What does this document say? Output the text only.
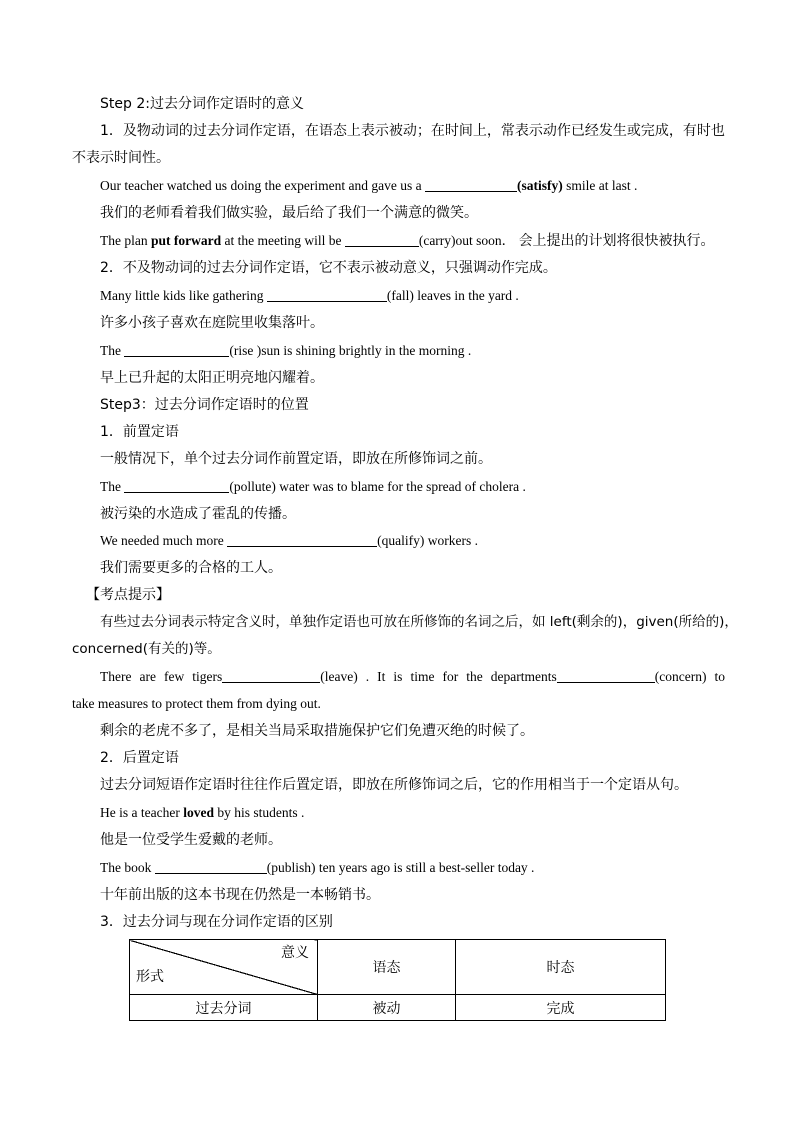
Step 2:过去分词作定语时的意义

1．及物动词的过去分词作定语，在语态上表示被动；在时间上，常表示动作已经发生或完成，有时也

不表示时间性。

Our teacher watched us doing the experiment and gave us a	(satisfy) smile at last .

我们的老师看着我们做实验，最后给了我们一个满意的微笑。

The plan put forward at the meeting will be	(carry)out soon． 会上提出的计划将很快被执行。

2．不及物动词的过去分词作定语，它不表示被动意义，只强调动作完成。

Many little kids like gathering	(fall) leaves in the yard .

许多小孩子喜欢在庭院里收集落叶。

The	(rise )sun is shining brightly in the morning .

早上已升起的太阳正明亮地闪耀着。

Step3：过去分词作定语时的位置

1．前置定语

一般情况下，单个过去分词作前置定语，即放在所修饰词之前。

The	(pollute) water was to blame for the spread of cholera .

被污染的水造成了霍乱的传播。

We needed much more	(qualify) workers .

我们需要更多的合格的工人。

【考点提示】

有些过去分词表示特定含义时，单独作定语也可放在所修饰的名词之后，如 left(剩余的)，given(所给的)，

concerned(有关的)等。

There are few tigers	(leave) . It is time for the departments	(concern) to

take measures to protect them from dying out.

剩余的老虎不多了，是相关当局采取措施保护它们免遭灭绝的时候了。

2．后置定语

过去分词短语作定语时往往作后置定语，即放在所修饰词之后，它的作用相当于一个定语从句。

He is a teacher loved by his students .

他是一位受学生爱戴的老师。

The book	(publish) ten years ago is still a best-seller today .

十年前出版的这本书现在仍然是一本畅销书。

3．过去分词与现在分词作定语的区别

意义
形式	语态	时态
过去分词	被动	完成
